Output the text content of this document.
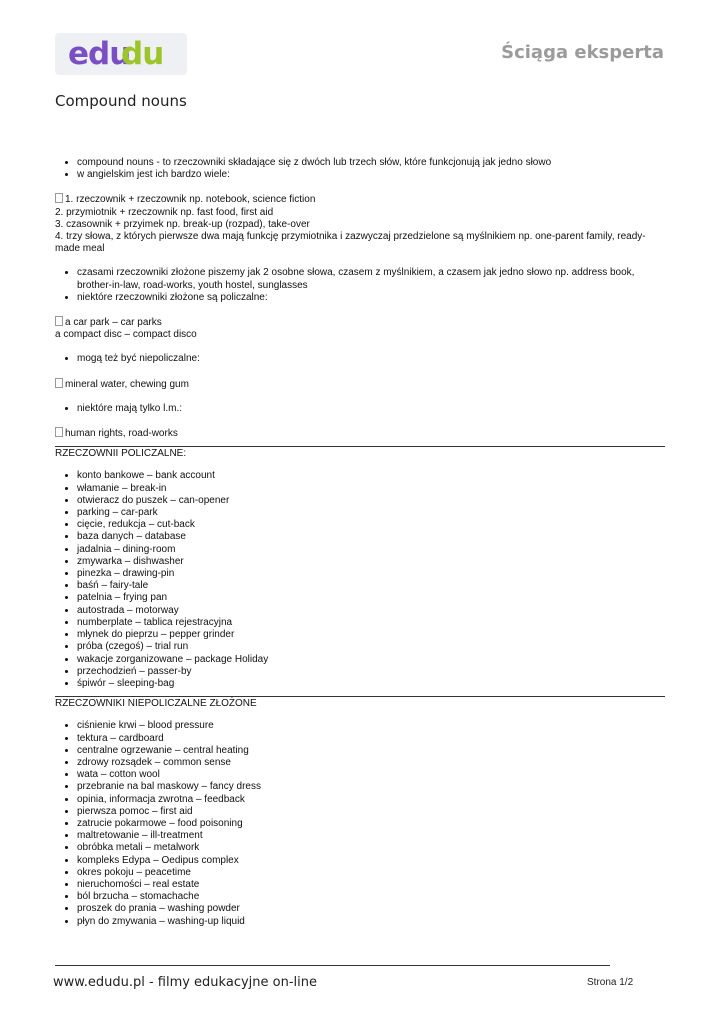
edu
du	Ściąga eksperta
Compound nouns
• compound nouns - to rzeczowniki składające się z dwóch lub trzech słów, które funkcjonują jak jedno słowo
• w angielskim jest ich bardzo wiele:
1. rzeczownik + rzeczownik np. notebook, science fiction
2. przymiotnik + rzeczownik np. fast food, first aid
3. czasownik + przyimek np. break-up (rozpad), take-over
4. trzy słowa, z których pierwsze dwa mają funkcję przymiotnika i zazwyczaj przedzielone są myślnikiem np. one-parent family, ready-made meal
• czasami rzeczowniki złożone piszemy jak 2 osobne słowa, czasem z myślnikiem, a czasem jak jedno słowo np. address book, brother-in-law, road-works, youth hostel, sunglasses
• niektóre rzeczowniki złożone są policzalne:
a car park – car parks
a compact disc – compact disco
• mogą też być niepoliczalne:
mineral water, chewing gum
• niektóre mają tylko l.m.:
human rights, road-works
RZECZOWNII POLICZALNE:
• konto bankowe – bank account
• włamanie – break-in
• otwieracz do puszek – can-opener
• parking – car-park
• cięcie, redukcja – cut-back
• baza danych – database
• jadalnia – dining-room
• zmywarka – dishwasher
• pinezka – drawing-pin
• baśń – fairy-tale
• patelnia – frying pan
• autostrada – motorway
• numberplate – tablica rejestracyjna
• młynek do pieprzu – pepper grinder
• próba (czegoś) – trial run
• wakacje zorganizowane – package Holiday
• przechodzień – passer-by
• śpiwór – sleeping-bag
RZECZOWNIKI NIEPOLICZALNE ZŁOŻONE
• ciśnienie krwi – blood pressure
• tektura – cardboard
• centralne ogrzewanie – central heating
• zdrowy rozsądek – common sense
• wata – cotton wool
• przebranie na bal maskowy – fancy dress
• opinia, informacja zwrotna – feedback
• pierwsza pomoc – first aid
• zatrucie pokarmowe – food poisoning
• maltretowanie – ill-treatment
• obróbka metali – metalwork
• kompleks Edypa – Oedipus complex
• okres pokoju – peacetime
• nieruchomości – real estate
• ból brzucha – stomachache
• proszek do prania – washing powder
• płyn do zmywania – washing-up liquid
www.edudu.pl - filmy edukacyjne on-line	Strona 1/2
